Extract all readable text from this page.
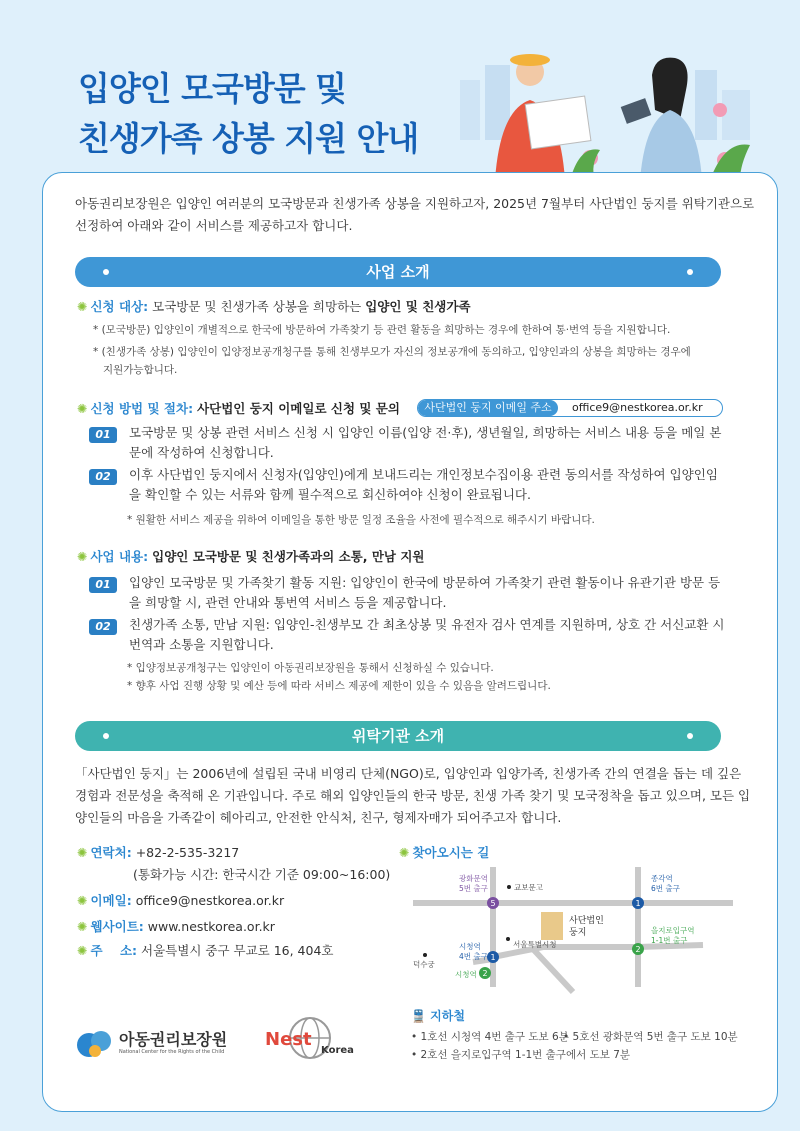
입양인 모국방문 및
친생가족 상봉 지원 안내
아동권리보장원은 입양인 여러분의 모국방문과 친생가족 상봉을 지원하고자, 2025년 7월부터 사단법인 둥지를 위탁기관으로 선정하여 아래와 같이 서비스를 제공하고자 합니다.
사업 소개
✺ 신청 대상: 모국방문 및 친생가족 상봉을 희망하는 입양인 및 친생가족
* (모국방문) 입양인이 개별적으로 한국에 방문하여 가족찾기 등 관련 활동을 희망하는 경우에 한하여 통·번역 등을 지원합니다.
* (친생가족 상봉) 입양인이 입양정보공개청구를 통해 친생부모가 자신의 정보공개에 동의하고, 입양인과의 상봉을 희망하는 경우에
지원가능합니다.
✺ 신청 방법 및 절차: 사단법인 둥지 이메일로 신청 및 문의	사단법인 둥지 이메일 주소	office9@nestkorea.or.kr
01	모국방문 및 상봉 관련 서비스 신청 시 입양인 이름(입양 전·후), 생년월일, 희망하는 서비스 내용 등을 메일 본문에 작성하여 신청합니다.
02	이후 사단법인 둥지에서 신청자(입양인)에게 보내드리는 개인정보수집이용 관련 동의서를 작성하여 입양인임을 확인할 수 있는 서류와 함께 필수적으로 회신하여야 신청이 완료됩니다.
* 원활한 서비스 제공을 위하여 이메일을 통한 방문 일정 조율을 사전에 필수적으로 해주시기 바랍니다.
✺ 사업 내용: 입양인 모국방문 및 친생가족과의 소통, 만남 지원
01	입양인 모국방문 및 가족찾기 활동 지원: 입양인이 한국에 방문하여 가족찾기 관련 활동이나 유관기관 방문 등을 희망할 시, 관련 안내와 통번역 서비스 등을 제공합니다.
02	친생가족 소통, 만남 지원: 입양인-친생부모 간 최초상봉 및 유전자 검사 연계를 지원하며, 상호 간 서신교환 시 번역과 소통을 지원합니다.
* 입양정보공개청구는 입양인이 아동권리보장원을 통해서 신청하실 수 있습니다.
* 향후 사업 진행 상황 및 예산 등에 따라 서비스 제공에 제한이 있을 수 있음을 알려드립니다.
위탁기관 소개
「사단법인 둥지」는 2006년에 설립된 국내 비영리 단체(NGO)로, 입양인과 입양가족, 친생가족 간의 연결을 돕는 데 깊은 경험과 전문성을 축적해 온 기관입니다. 주로 해외 입양인들의 한국 방문, 친생 가족 찾기 및 모국정착을 돕고 있으며, 모든 입양인들의 마음을 가족같이 헤아리고, 안전한 안식처, 친구, 형제자매가 되어주고자 합니다.
✺ 연락처: +82-2-535-3217
(통화가능 시간: 한국시간 기준 09:00~16:00)
✺ 이메일: office9@nestkorea.or.kr
✺ 웹사이트: www.nestkorea.or.kr
✺ 주    소: 서울특별시 중구 무교로 16, 404호
✺ 찾아오시는 길
5	1
1
2
2
광화문역
5번 출구	교보문고
종각역
6번 출구
사단법인
둥지
시청역
4번 출구
서울특별시청
을지로입구역
1-1번 출구
덕수궁
시청역
🚆 지하철
• 1호선 시청역 4번 출구 도보 6분
• 5호선 광화문역 5번 출구 도보 10분
• 2호선 을지로입구역 1-1번 출구에서 도보 7분
아동권리보장원
National Center for the Rights of the Child
Nest
Korea
